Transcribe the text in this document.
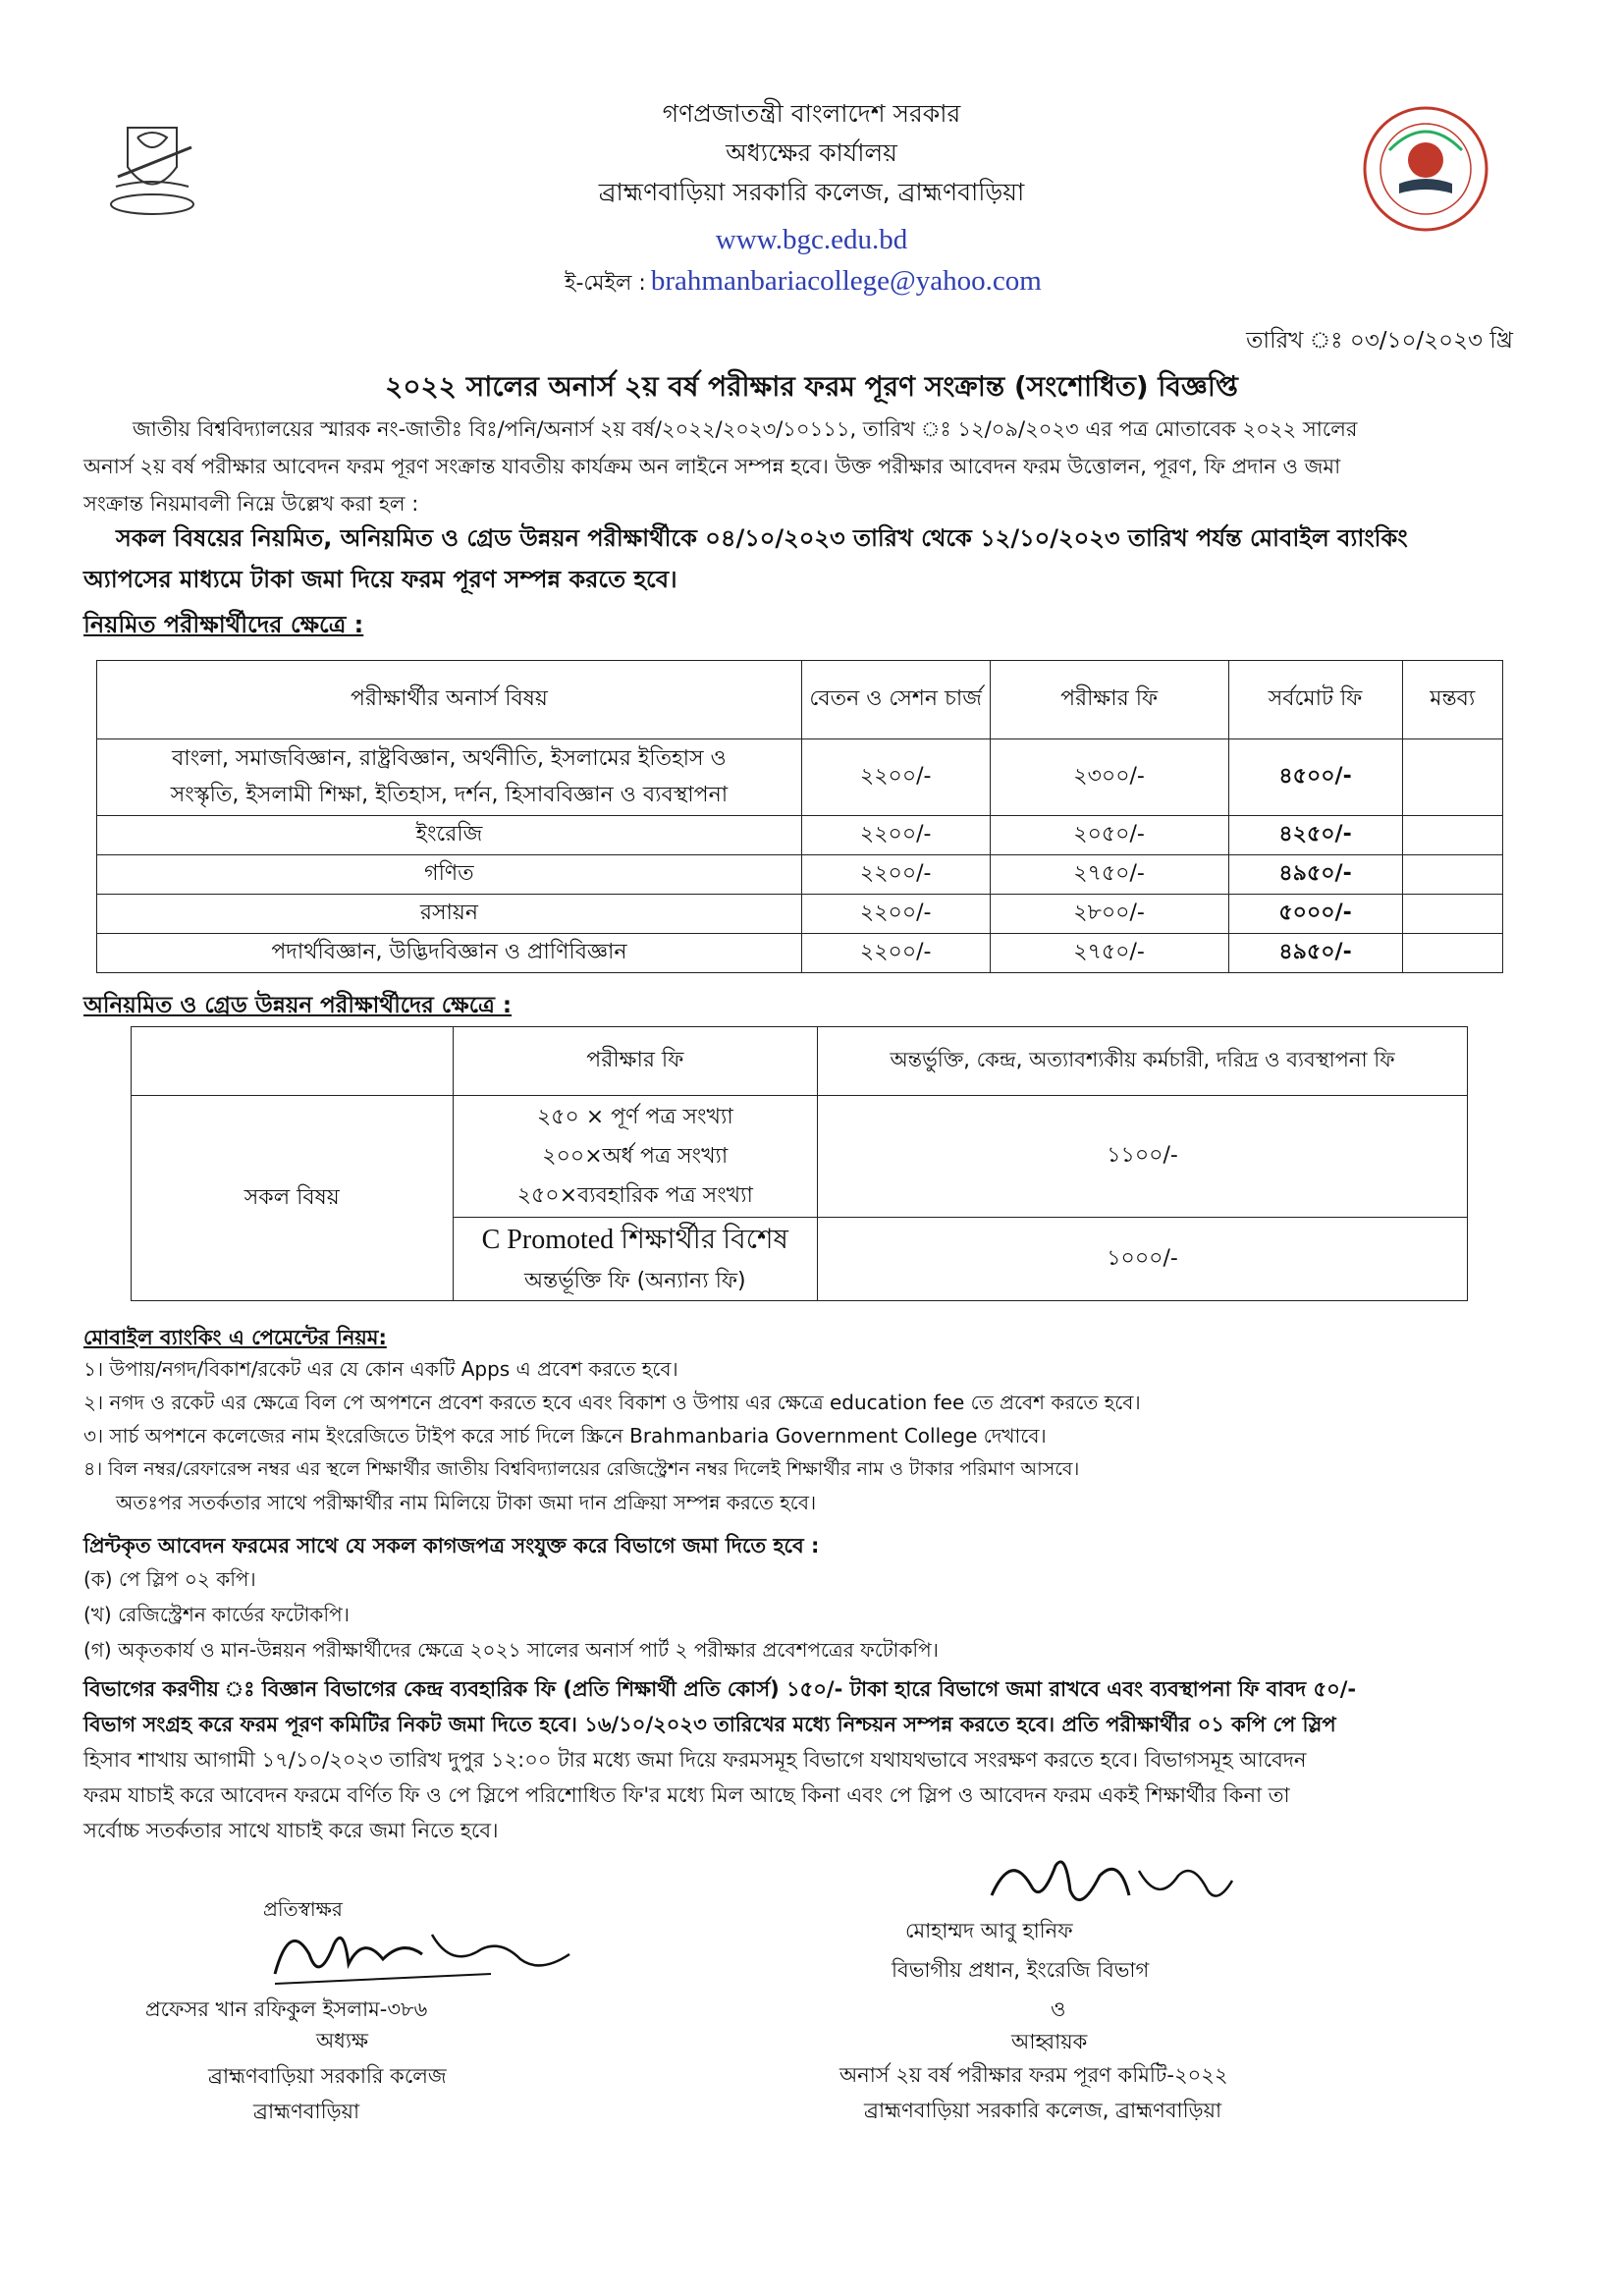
গণপ্রজাতন্ত্রী বাংলাদেশ সরকার
অধ্যক্ষের কার্যালয়
ব্রাহ্মণবাড়িয়া সরকারি কলেজ, ব্রাহ্মণবাড়িয়া
www.bgc.edu.bd
ই-মেইল : brahmanbariacollege@yahoo.com
তারিখ ঃ ০৩/১০/২০২৩ খ্রি
২০২২ সালের অনার্স ২য় বর্ষ পরীক্ষার ফরম পূরণ সংক্রান্ত (সংশোধিত) বিজ্ঞপ্তি
জাতীয় বিশ্ববিদ্যালয়ের স্মারক নং-জাতীঃ বিঃ/পনি/অনার্স ২য় বর্ষ/২০২২/২০২৩/১০১১১, তারিখ ঃ ১২/০৯/২০২৩ এর পত্র মোতাবেক ২০২২ সালের
অনার্স ২য় বর্ষ পরীক্ষার আবেদন ফরম পূরণ সংক্রান্ত যাবতীয় কার্যক্রম অন লাইনে সম্পন্ন হবে। উক্ত পরীক্ষার আবেদন ফরম উত্তোলন, পূরণ, ফি প্রদান ও জমা
সংক্রান্ত নিয়মাবলী নিম্নে উল্লেখ করা হল :
সকল বিষয়ের নিয়মিত, অনিয়মিত ও গ্রেড উন্নয়ন পরীক্ষার্থীকে ০৪/১০/২০২৩ তারিখ থেকে ১২/১০/২০২৩ তারিখ পর্যন্ত মোবাইল ব্যাংকিং
অ্যাপসের মাধ্যমে টাকা জমা দিয়ে ফরম পূরণ সম্পন্ন করতে হবে।
নিয়মিত পরীক্ষার্থীদের ক্ষেত্রে :
পরীক্ষার্থীর অনার্স বিষয়	বেতন ও সেশন চার্জ	পরীক্ষার ফি	সর্বমোট ফি	মন্তব্য

বাংলা, সমাজবিজ্ঞান, রাষ্ট্রবিজ্ঞান, অর্থনীতি, ইসলামের ইতিহাস ও
সংস্কৃতি, ইসলামী শিক্ষা, ইতিহাস, দর্শন, হিসাববিজ্ঞান ও ব্যবস্থাপনা	২২০০/-	২৩০০/-	৪৫০০/-	
ইংরেজি	২২০০/-	২০৫০/-	৪২৫০/-	
গণিত	২২০০/-	২৭৫০/-	৪৯৫০/-	
রসায়ন	২২০০/-	২৮০০/-	৫০০০/-	
পদার্থবিজ্ঞান, উদ্ভিদবিজ্ঞান ও প্রাণিবিজ্ঞান	২২০০/-	২৭৫০/-	৪৯৫০/-	
অনিয়মিত ও গ্রেড উন্নয়ন পরীক্ষার্থীদের ক্ষেত্রে :
	পরীক্ষার ফি	অন্তর্ভুক্তি, কেন্দ্র, অত্যাবশ্যকীয় কর্মচারী, দরিদ্র ও ব্যবস্থাপনা ফি
সকল বিষয়	২৫০ × পূর্ণ পত্র সংখ্যা
২০০×অর্ধ পত্র সংখ্যা
২৫০×ব্যবহারিক পত্র সংখ্যা	১১০০/-

	C Promoted শিক্ষার্থীর বিশেষ
অন্তর্ভূক্তি ফি (অন্যান্য ফি)	১০০০/-
মোবাইল ব্যাংকিং এ পেমেন্টের নিয়ম:
১। উপায়/নগদ/বিকাশ/রকেট এর যে কোন একটি Apps এ প্রবেশ করতে হবে।
২। নগদ ও রকেট এর ক্ষেত্রে বিল পে অপশনে প্রবেশ করতে হবে এবং বিকাশ ও উপায় এর ক্ষেত্রে education fee তে প্রবেশ করতে হবে।
৩। সার্চ অপশনে কলেজের নাম ইংরেজিতে টাইপ করে সার্চ দিলে স্ক্রিনে Brahmanbaria Government College দেখাবে।
৪। বিল নম্বর/রেফারেন্স নম্বর এর স্থলে শিক্ষার্থীর জাতীয় বিশ্ববিদ্যালয়ের রেজিস্ট্রেশন নম্বর দিলেই শিক্ষার্থীর নাম ও টাকার পরিমাণ আসবে।
অতঃপর সতর্কতার সাথে পরীক্ষার্থীর নাম মিলিয়ে টাকা জমা দান প্রক্রিয়া সম্পন্ন করতে হবে।
প্রিন্টকৃত আবেদন ফরমের সাথে যে সকল কাগজপত্র সংযুক্ত করে বিভাগে জমা দিতে হবে :
(ক) পে স্লিপ ০২ কপি।
(খ) রেজিস্ট্রেশন কার্ডের ফটোকপি।
(গ) অকৃতকার্য ও মান-উন্নয়ন পরীক্ষার্থীদের ক্ষেত্রে ২০২১ সালের অনার্স পার্ট ২ পরীক্ষার প্রবেশপত্রের ফটোকপি।
বিভাগের করণীয় ঃ বিজ্ঞান বিভাগের কেন্দ্র ব্যবহারিক ফি (প্রতি শিক্ষার্থী প্রতি কোর্স) ১৫০/- টাকা হারে বিভাগে জমা রাখবে এবং ব্যবস্থাপনা ফি বাবদ ৫০/-
বিভাগ সংগ্রহ করে ফরম পূরণ কমিটির নিকট জমা দিতে হবে। ১৬/১০/২০২৩ তারিখের মধ্যে নিশ্চয়ন সম্পন্ন করতে হবে। প্রতি পরীক্ষার্থীর ০১ কপি পে স্লিপ
হিসাব শাখায় আগামী ১৭/১০/২০২৩ তারিখ দুপুর ১২:০০ টার মধ্যে জমা দিয়ে ফরমসমূহ বিভাগে যথাযথভাবে সংরক্ষণ করতে হবে। বিভাগসমূহ আবেদন
ফরম যাচাই করে আবেদন ফরমে বর্ণিত ফি ও পে স্লিপে পরিশোধিত ফি'র মধ্যে মিল আছে কিনা এবং পে স্লিপ ও আবেদন ফরম একই শিক্ষার্থীর কিনা তা
সর্বোচ্চ সতর্কতার সাথে যাচাই করে জমা নিতে হবে।
প্রতিস্বাক্ষর
প্রফেসর খান রফিকুল ইসলাম-৩৮৬
অধ্যক্ষ
ব্রাহ্মণবাড়িয়া সরকারি কলেজ
ব্রাহ্মণবাড়িয়া
মোহাম্মদ আবু হানিফ
বিভাগীয় প্রধান, ইংরেজি বিভাগ
ও
আহ্বায়ক
অনার্স ২য় বর্ষ পরীক্ষার ফরম পূরণ কমিটি-২০২২
ব্রাহ্মণবাড়িয়া সরকারি কলেজ, ব্রাহ্মণবাড়িয়া
